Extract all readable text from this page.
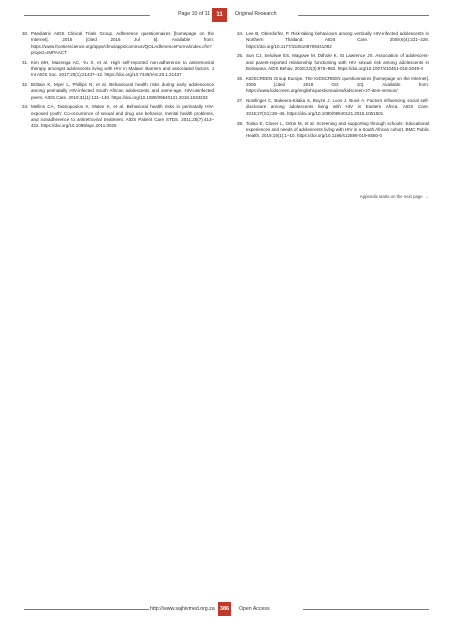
Page 10 of 11	11	Original Research
30. Paediatric AIDS Clinical Trials Group. Adherence questionnaires [homepage on the Internet]. 2016 [cited 2016 Jul 5]. Available from: https://www.frontierscience.org/apps/cfmx/apps/common/QOLAdherenceForms/index.cfm?project=IMPAACT
31. Kim MH, Mazenga AC, Yu X, et al. High self-reported non-adherence to antiretroviral therapy amongst adolescents living with HIV in Malawi: Barriers and associated factors. J Int AIDS Soc. 2017;20(1):21437–12. https://doi.org/10.7448/IAS.20.1.21437
32. Brittain K, Myer L, Phillips N, et al. Behavioural health risks during early adolescence among perinatally HIV-infected South African adolescents and same-age, HIV-uninfected peers. AIDS Care. 2019;31(1):131–140. https://doi.org/10.1080/09540121.2018.1533233
33. Mellins CA, Tassiopoulos K, Malee K, et al. Behavioral health risks in perinatally HIV-exposed youth: Co-occurrence of sexual and drug use behavior, mental health problems, and nonadherence to antiretroviral treatment. AIDS Patient Care STDS. 2011;25(7):413–422. https://doi.org/10.1089/apc.2011.0025
34. Lee B, Oberdorfer, P. Risk-taking behaviours among vertically HIV-infected adolescents in Northern Thailand. AIDS Care. 2009;6(4):221–228. https://doi.org/10.1177/1545109709341082
35. Sun CJ, Seloilwe ES, Magowe M, Dithole K, St Lawrence JS. Association of adolescent- and parent-reported relationship functioning with HIV sexual risk among adolescents in Botswana. AIDS Behav. 2018;22(3):975–983. https://doi.org/10.1007/s10461-018-2049-4
36. KIDSCREEN Group Europe. The KIDSCREEN questionnaires [homepage on the Internet]. 2006 [cited 2019 Oct 10]. Available from: https://www.kidscreen.org/english/questionnaires/kidscreen-27-item-version/
37. Nostlinger C, Bakeera-Kitaka S, Buyze J, Loos J, Buvé A. Factors influencing social self-disclosure among adolescents living with HIV in Eastern Africa. AIDS Care. 2015;27(S1):36–46. https://doi.org/10.1080/09540121.2015.1051501
38. Toska E, Cluver L, Orkin M, et al. Screening and supporting through schools: Educational experiences and needs of adolescents living with HIV in a South African cohort. BMC Public Health. 2019;19(1):1–10. https://doi.org/10.1186/s12889-019-6580-0
Appendix starts on the next page →
http://www.sajhivmed.org.za 386	Open Access
